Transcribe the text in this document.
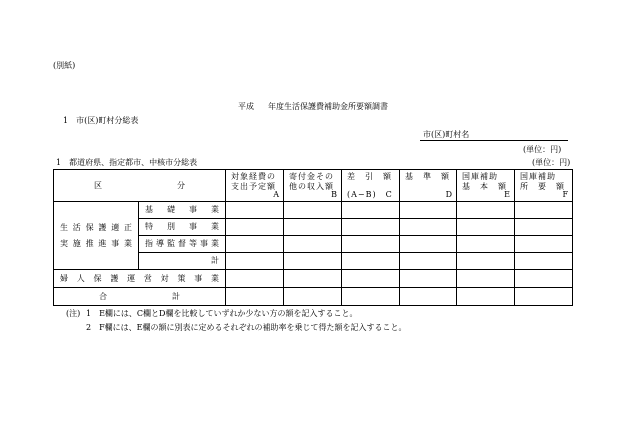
(別紙)
平成 年度生活保護費補助金所要額調書
1　市(区)町村分総表
市(区)町村名
(単位：円)
1　都道府県、指定都市、中核市分総表	(単位：円)
区 分		対象経費の
支出予定額
A	寄付金その
他の収入額
B	差　引　額
(A−B)　C	基　準　額
D	国庫補助
基　本　額
E	国庫補助
所　要　額
F

生活保護適正
実施推進事業	基礎事業						

	特別事業						

	指導監督等事業						

	計						

婦人保護運営対策事業							

合 計							

(注) 1　E欄には、C欄とD欄を比較していずれか少ない方の額を記入すること。
2　F欄には、E欄の額に別表に定めるそれぞれの補助率を乗じて得た額を記入すること。
